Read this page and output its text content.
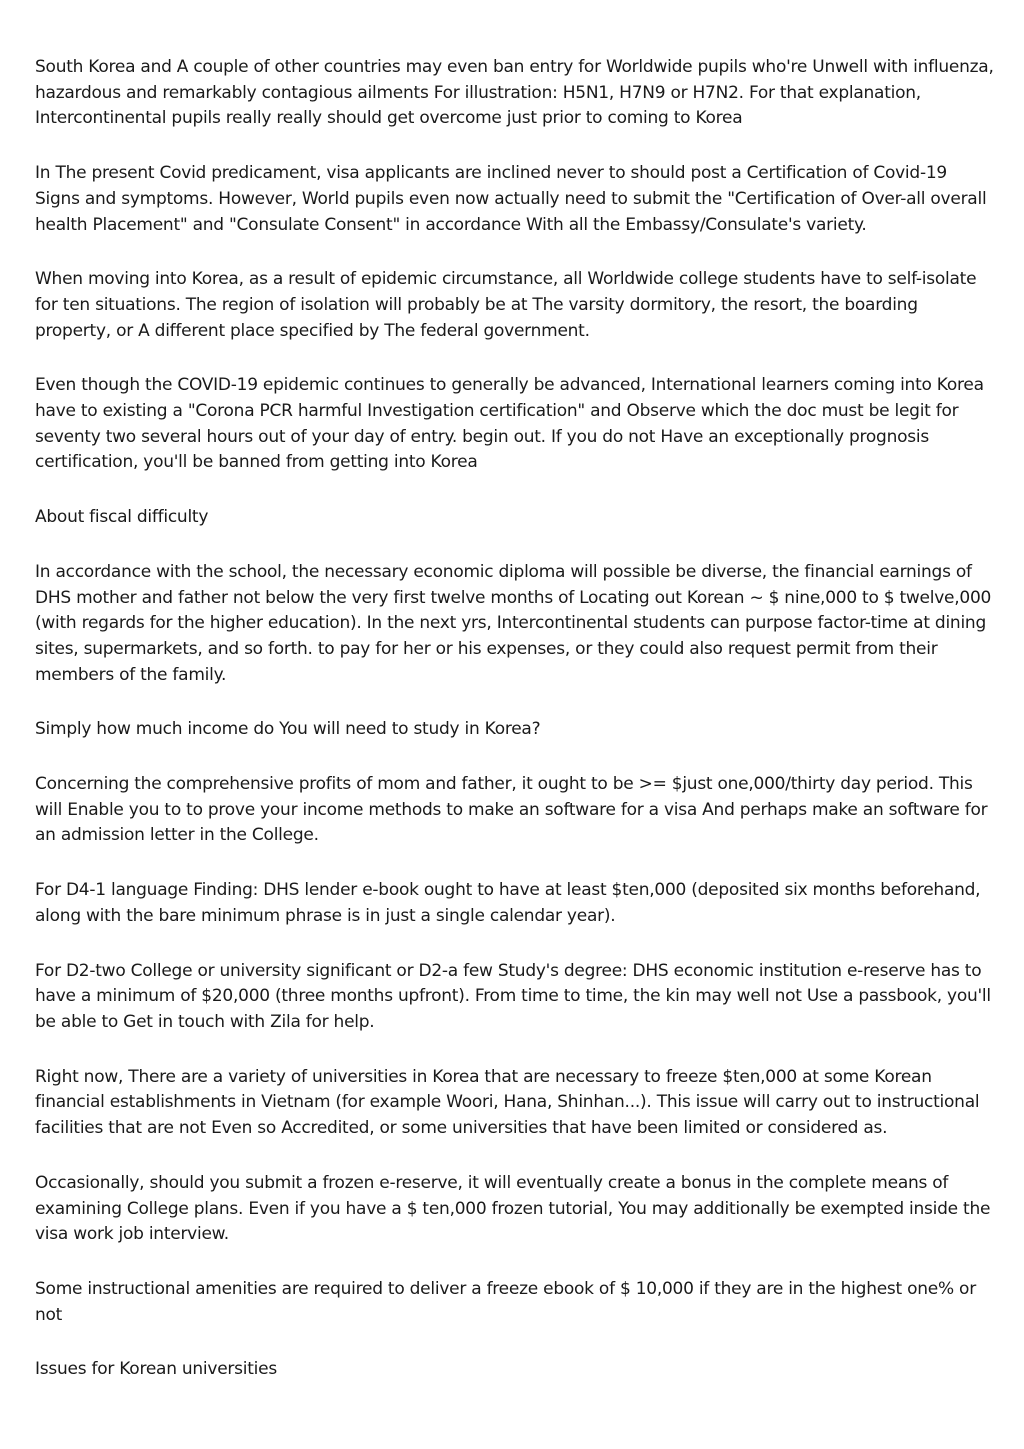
South Korea and A couple of other countries may even ban entry for Worldwide pupils who're Unwell with influenza, hazardous and remarkably contagious ailments For illustration: H5N1, H7N9 or H7N2. For that explanation, Intercontinental pupils really really should get overcome just prior to coming to Korea

In The present Covid predicament, visa applicants are inclined never to should post a Certification of Covid-19 Signs and symptoms. However, World pupils even now actually need to submit the "Certification of Over-all overall health Placement" and "Consulate Consent" in accordance With all the Embassy/Consulate's variety.

When moving into Korea, as a result of epidemic circumstance, all Worldwide college students have to self-isolate for ten situations. The region of isolation will probably be at The varsity dormitory, the resort, the boarding property, or A different place specified by The federal government.

Even though the COVID-19 epidemic continues to generally be advanced, International learners coming into Korea have to existing a "Corona PCR harmful Investigation certification" and Observe which the doc must be legit for seventy two several hours out of your day of entry. begin out. If you do not Have an exceptionally prognosis certification, you'll be banned from getting into Korea

About fiscal difficulty

In accordance with the school, the necessary economic diploma will possible be diverse, the financial earnings of DHS mother and father not below the very first twelve months of Locating out Korean ~ $ nine,000 to $ twelve,000 (with regards for the higher education). In the next yrs, Intercontinental students can purpose factor-time at dining sites, supermarkets, and so forth. to pay for her or his expenses, or they could also request permit from their members of the family.

Simply how much income do You will need to study in Korea?

Concerning the comprehensive profits of mom and father, it ought to be >= $just one,000/thirty day period. This will Enable you to to prove your income methods to make an software for a visa And perhaps make an software for an admission letter in the College.

For D4-1 language Finding: DHS lender e-book ought to have at least $ten,000 (deposited six months beforehand, along with the bare minimum phrase is in just a single calendar year).

For D2-two College or university significant or D2-a few Study's degree: DHS economic institution e-reserve has to have a minimum of $20,000 (three months upfront). From time to time, the kin may well not Use a passbook, you'll be able to Get in touch with Zila for help.

Right now, There are a variety of universities in Korea that are necessary to freeze $ten,000 at some Korean financial establishments in Vietnam (for example Woori, Hana, Shinhan...). This issue will carry out to instructional facilities that are not Even so Accredited, or some universities that have been limited or considered as.

Occasionally, should you submit a frozen e-reserve, it will eventually create a bonus in the complete means of examining College plans. Even if you have a $ ten,000 frozen tutorial, You may additionally be exempted inside the visa work job interview.

Some instructional amenities are required to deliver a freeze ebook of $ 10,000 if they are in the highest one% or not

Issues for Korean universities
